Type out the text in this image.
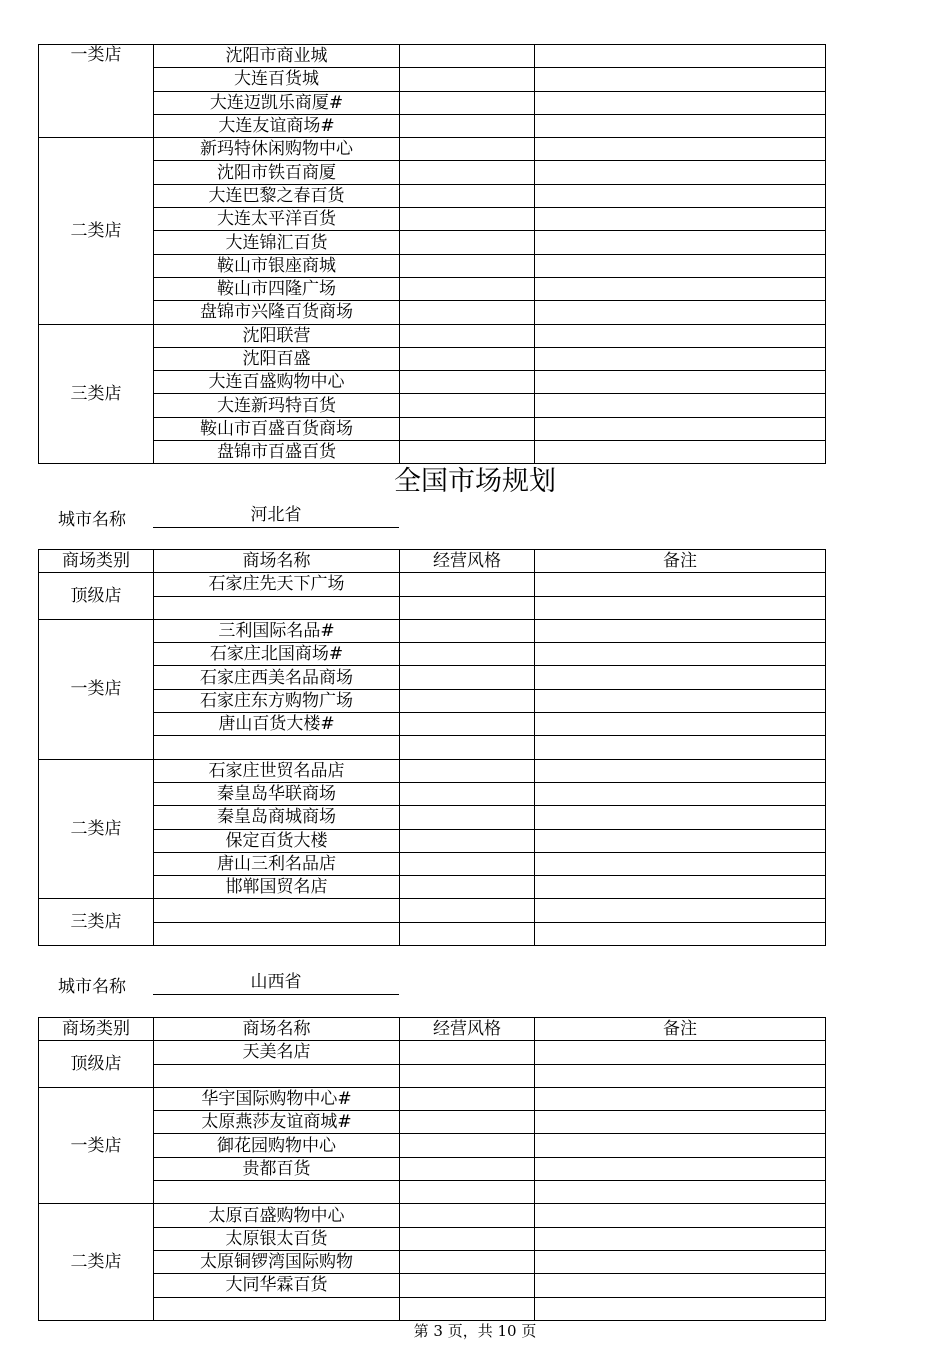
一类店	沈阳市商业城		
	大连百货城		
	大连迈凯乐商厦#		
	大连友谊商场#		
二类店	新玛特休闲购物中心		
	沈阳市铁百商厦		
	大连巴黎之春百货		
	大连太平洋百货		
	大连锦汇百货		
	鞍山市银座商城		
	鞍山市四隆广场		
	盘锦市兴隆百货商场		
三类店	沈阳联营		
	沈阳百盛		
	大连百盛购物中心		
	大连新玛特百货		
	鞍山市百盛百货商场		
	盘锦市百盛百货		
全国市场规划
城市名称	河北省
商场类别	商场名称	经营风格	备注
顶级店	石家庄先天下广场		

一类店	三利国际名品#		
	石家庄北国商场#		
	石家庄西美名品商场		
	石家庄东方购物广场		
	唐山百货大楼#		

二类店	石家庄世贸名品店		
	秦皇岛华联商场		
	秦皇岛商城商场		
	保定百货大楼		
	唐山三利名品店		
	邯郸国贸名店		
三类店			

城市名称	山西省
商场类别	商场名称	经营风格	备注
顶级店	天美名店		

一类店	华宇国际购物中心#		
	太原燕莎友谊商城#		
	御花园购物中心		
	贵都百货		

二类店	太原百盛购物中心		
	太原银太百货		
	太原铜锣湾国际购物		
	大同华霖百货		

第 3 页，共 10 页
